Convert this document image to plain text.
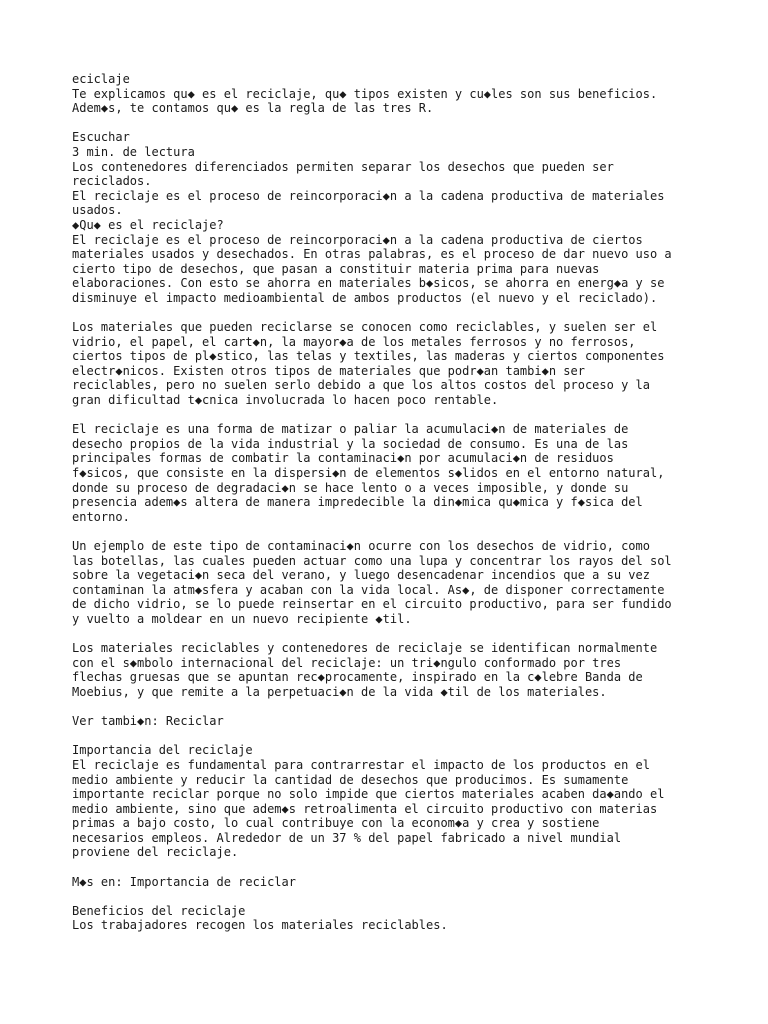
eciclaje
Te explicamos qu◆ es el reciclaje, qu◆ tipos existen y cu◆les son sus beneficios.
Adem◆s, te contamos qu◆ es la regla de las tres R.
Escuchar
3 min. de lectura
Los contenedores diferenciados permiten separar los desechos que pueden ser
reciclados.
El reciclaje es el proceso de reincorporaci◆n a la cadena productiva de materiales
usados.
◆Qu◆ es el reciclaje?
El reciclaje es el proceso de reincorporaci◆n a la cadena productiva de ciertos
materiales usados y desechados. En otras palabras, es el proceso de dar nuevo uso a
cierto tipo de desechos, que pasan a constituir materia prima para nuevas
elaboraciones. Con esto se ahorra en materiales b◆sicos, se ahorra en energ◆a y se
disminuye el impacto medioambiental de ambos productos (el nuevo y el reciclado).
Los materiales que pueden reciclarse se conocen como reciclables, y suelen ser el
vidrio, el papel, el cart◆n, la mayor◆a de los metales ferrosos y no ferrosos,
ciertos tipos de pl◆stico, las telas y textiles, las maderas y ciertos componentes
electr◆nicos. Existen otros tipos de materiales que podr◆an tambi◆n ser
reciclables, pero no suelen serlo debido a que los altos costos del proceso y la
gran dificultad t◆cnica involucrada lo hacen poco rentable.
El reciclaje es una forma de matizar o paliar la acumulaci◆n de materiales de
desecho propios de la vida industrial y la sociedad de consumo. Es una de las
principales formas de combatir la contaminaci◆n por acumulaci◆n de residuos
f◆sicos, que consiste en la dispersi◆n de elementos s◆lidos en el entorno natural,
donde su proceso de degradaci◆n se hace lento o a veces imposible, y donde su
presencia adem◆s altera de manera impredecible la din◆mica qu◆mica y f◆sica del
entorno.
Un ejemplo de este tipo de contaminaci◆n ocurre con los desechos de vidrio, como
las botellas, las cuales pueden actuar como una lupa y concentrar los rayos del sol
sobre la vegetaci◆n seca del verano, y luego desencadenar incendios que a su vez
contaminan la atm◆sfera y acaban con la vida local. As◆, de disponer correctamente
de dicho vidrio, se lo puede reinsertar en el circuito productivo, para ser fundido
y vuelto a moldear en un nuevo recipiente ◆til.
Los materiales reciclables y contenedores de reciclaje se identifican normalmente
con el s◆mbolo internacional del reciclaje: un tri◆ngulo conformado por tres
flechas gruesas que se apuntan rec◆procamente, inspirado en la c◆lebre Banda de
Moebius, y que remite a la perpetuaci◆n de la vida ◆til de los materiales.
Ver tambi◆n: Reciclar
Importancia del reciclaje
El reciclaje es fundamental para contrarrestar el impacto de los productos en el
medio ambiente y reducir la cantidad de desechos que producimos. Es sumamente
importante reciclar porque no solo impide que ciertos materiales acaben da◆ando el
medio ambiente, sino que adem◆s retroalimenta el circuito productivo con materias
primas a bajo costo, lo cual contribuye con la econom◆a y crea y sostiene
necesarios empleos. Alrededor de un 37 % del papel fabricado a nivel mundial
proviene del reciclaje.
M◆s en: Importancia de reciclar
Beneficios del reciclaje
Los trabajadores recogen los materiales reciclables.
